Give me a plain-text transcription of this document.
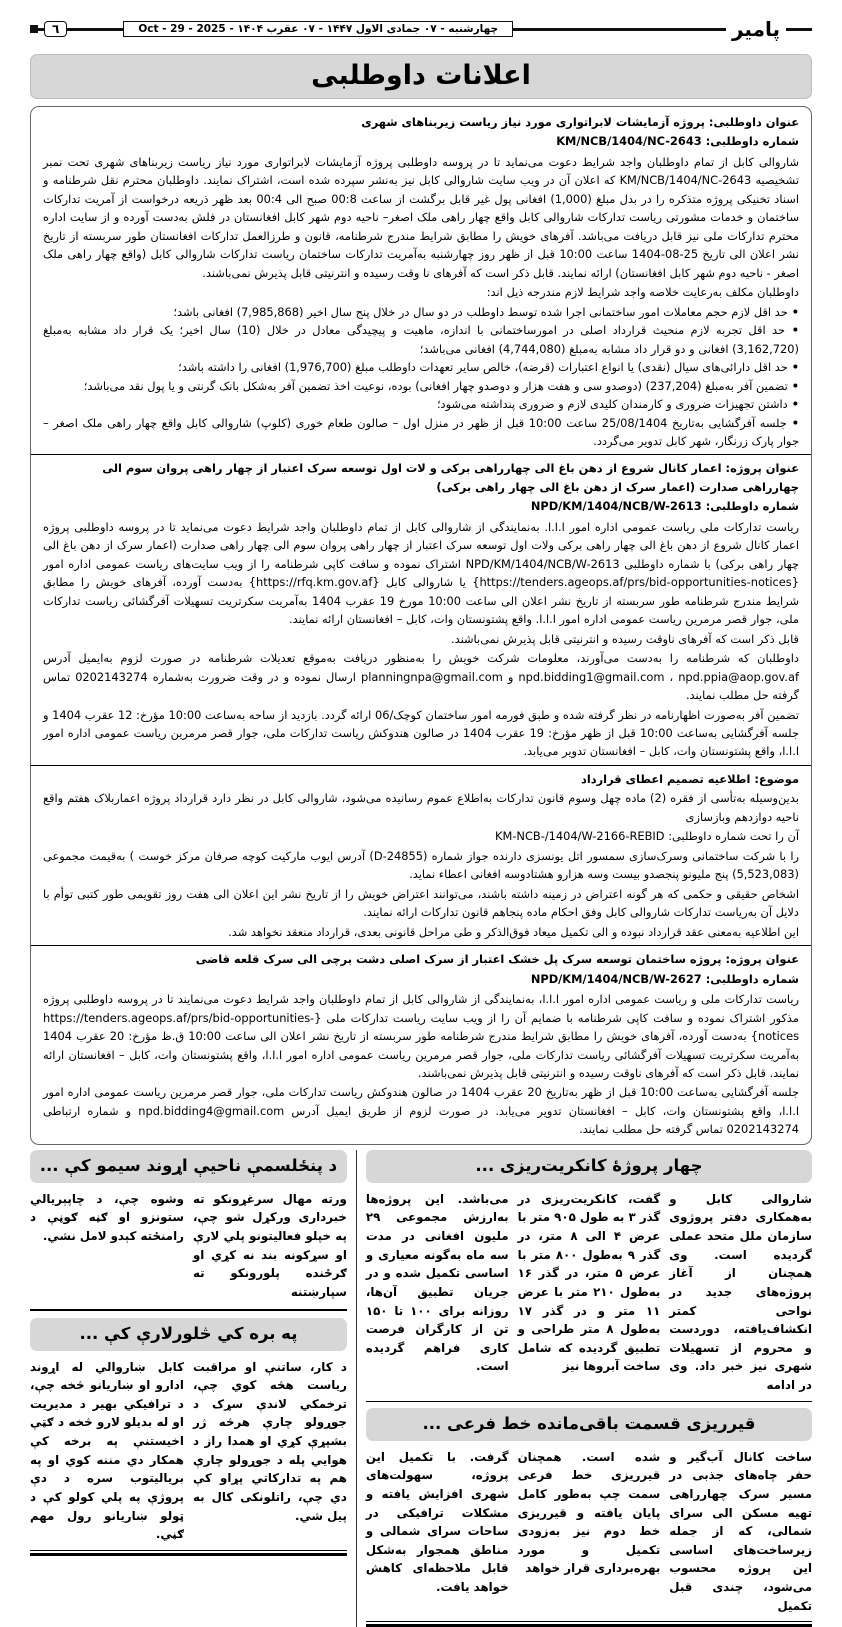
پامیر
چهارشنبه - ۰۷ جمادی الاول ۱۴۴۷ - ۰۷ عقرب ۱۴۰۴ - Oct - 29 - 2025
٦
اعلانات داوطلبی
عنوان داوطلبی: پروژه آزمایشات لابراتواری مورد نیاز ریاست زیربناهای شهری
شماره داوطلبی: KM/NCB/1404/NC-2643

شاروالی کابل از تمام داوطلبان واجد شرایط دعوت می‌نماید تا در پروسه داوطلبی پروژه آزمایشات لابراتواری مورد نیاز ریاست زیربناهای شهری تحت نمبر تشخیصیه KM/NCB/1404/NC-2643 که اعلان آن در ویب سایت شاروالی کابل نیز به‌نشر سپرده شده است، اشتراک نمایند. داوطلبان محترم نقل شرطنامه و اسناد تخنیکی پروژه متذکره را در بدل مبلغ (1,000) افغانی پول غیر قابل برگشت از ساعت 00:8 صبح الی 00:4 بعد ظهر ذریعه درخواست از آمریت تدارکات ساختمان و خدمات مشورتی ریاست تدارکات شاروالی کابل واقع چهار راهی ملک اصغر– ناحیه دوم شهر کابل افغانستان در فلش به‌دست آورده و از سایت اداره محترم تدارکات ملی نیز قابل دریافت می‌باشد. آفرهای خویش را مطابق شرایط مندرج شرطنامه، قانون و طرزالعمل تدارکات افغانستان طور سربسته از تاریخ نشر اعلان الی تاریخ 25-08-1404 ساعت 10:00 قبل از ظهر روز چهارشنبه به‌آمریت تدارکات ساختمان ریاست تدارکات شاروالی کابل (واقع چهار راهی ملک اصغر - ناحیه دوم شهر کابل افغانستان) ارائه نمایند. قابل ذکر است که آفرهای نا وقت رسیده و انترنیتی قابل پذیرش نمی‌باشند.

داوطلبان مکلف به‌رعایت خلاصه واجد شرایط لازم مندرجه ذیل اند:

• حد اقل لازم حجم معاملات امور ساختمانی اجرا شده توسط داوطلب در دو سال در خلال پنج سال اخیر (7,985,868) افغانی باشد؛
• حد اقل تجربه لازم منحیث قرارداد اصلی در امورساختمانی با اندازه، ماهیت و پیچیدگی معادل در خلال (10) سال اخیر؛ یک قرار داد مشابه به‌مبلغ (3,162,720) افغانی و دو قرار داد مشابه به‌مبلغ (4,744,080) افغانی می‌باشد؛
• حد اقل دارائی‌های سیال (نقدی) یا انواع اعتبارات (قرضه)، خالص سایر تعهدات داوطلب مبلغ (1,976,700) افغانی را داشته باشد؛
• تضمین آفر به‌مبلغ (237,204) (دوصدو سی و هفت هزار و دوصدو چهار افغانی) بوده، نوعیت اخذ تضمین آفر به‌شکل بانک گرنتی و یا پول نقد می‌باشد؛
• داشتن تجهیزات ضروری و کارمندان کلیدی لازم و ضروری پنداشته می‌شود؛
• جلسه آفرگشایی به‌تاریخ 25/08/1404 ساعت 10:00 قبل از ظهر در منزل اول – صالون طعام خوری (کلوپ) شاروالی کابل واقع چهار راهی ملک اصغر – جوار پارک زرنگار، شهر کابل تدویر می‌گردد.
عنوان پروژه: اعمار کانال شروع از دهن باغ الی چهارراهی برکی و لات اول توسعه سرک اعتبار از چهار راهی پروان سوم الی چهارراهی صدارت (اعمار سرک از دهن باغ الی چهار راهی برکی)
شماره داوطلبی: NPD/KM/1404/NCB/W-2613

ریاست تدارکات ملی ریاست عمومی اداره امور ا.ا.ا. به‌نمایندگی از شاروالی کابل از تمام داوطلبان واجد شرایط دعوت می‌نماید تا در پروسه داوطلبی پروژه اعمار کانال شروع از دهن باغ الی چهار راهی برکی ولات اول توسعه سرک اعتبار از چهار راهی پروان سوم الی چهار راهی صدارت (اعمار سرک از دهن باغ الی چهار راهی برکی) با شماره داوطلبی NPD/KM/1404/NCB/W-2613 اشتراک نموده و سافت کاپی شرطنامه را از ویب سایت‌های ریاست عمومی اداره امور {https://tenders.ageops.af/prs/bid-opportunities-notices} یا شاروالی کابل {https://rfq.km.gov.af} به‌دست آورده، آفرهای خویش را مطابق شرایط مندرج شرطنامه طور سربسته از تاریخ نشر اعلان الی ساعت 10:00 مورخ 19 عقرب 1404 به‌آمریت سکرتریت تسهیلات آفرگشائی ریاست تدارکات ملی، جوار قصر مرمرین ریاست عمومی اداره امور ا.ا.ا. واقع پشتونستان وات، کابل – افغانستان ارائه نمایند.

قابل ذکر است که آفرهای ناوقت رسیده و انترنیتی قابل پذیرش نمی‌باشند.

داوطلبان که شرطنامه را به‌دست می‌آورند، معلومات شرکت خویش را به‌منظور دریافت به‌موقع تعدیلات شرطنامه در صورت لزوم به‌ایمیل آدرس npd.bidding1@gmail.com ، npd.ppia@aop.gov.af و planningnpa@gmail.com ارسال نموده و در وقت ضرورت به‌شماره 0202143274 تماس گرفته حل مطلب نمایند.

تضمین آفر به‌صورت اظهارنامه در نظر گرفته شده و طبق فورمه امور ساختمان کوچک/06 ارائه گردد. بازدید از ساحه به‌ساعت 10:00 مؤرخ: 12 عقرب 1404 و جلسه آفرگشایی به‌ساعت 10:00 قبل از ظهر مؤرخ: 19 عقرب 1404 در صالون هندوکش ریاست تدارکات ملی، جوار قصر مرمرین ریاست عمومی اداره امور ا.ا.ا، واقع پشتونستان وات، کابل – افغانستان تدویر می‌یابد.

موضوع: اطلاعیه تصمیم اعطای قرارداد

بدین‌وسیله به‌تأسی از فقره (2) ماده چهل وسوم قانون تدارکات به‌اطلاع عموم رسانیده می‌شود، شاروالی کابل در نظر دارد قرارداد پروژه اعماربلاک هفتم واقع ناحیه دوازدهم وبازسازی

آن را تحت شماره داوطلبی: KM-NCB-/1404/W-2166-REBID

را با شرکت ساختمانی وسرک‌سازی سمسور اتل یونسزی دارنده جواز شماره (D-24855) آدرس ایوب مارکیت کوچه صرفان مرکز خوست ) به‌قیمت مجموعی (5,523,083) پنج ملیونو پنجصدو بیست وسه هزارو هشتادوسه افغانی اعطاء نماید.

اشخاص حقیقی و حکمی که هر گونه اعتراض در زمینه داشته باشند، می‌توانند اعتراض خویش را از تاریخ نشر این اعلان الی هفت روز تقویمی طور کتبی توأم با دلایل آن به‌ریاست تدارکات شاروالی کابل وفق احکام ماده پنجاهم قانون تدارکات ارائه نمایند.

این اطلاعیه به‌معنی عقد قرارداد نبوده و الی تکمیل میعاد فوق‌الذکر و طی مراحل قانونی بعدی، قرارداد منعقد نخواهد شد.

عنوان پروژه: پروژه ساختمان توسعه سرک پل خشک اعتبار از سرک اصلی دشت برچی الی سرک قلعه قاضی
شماره داوطلبی: NPD/KM/1404/NCB/W-2627

ریاست تدارکات ملی و ریاست عمومی اداره امور ا.ا.ا، به‌نمایندگی از شاروالی کابل از تمام داوطلبان واجد شرایط دعوت می‌نمایند تا در پروسه داوطلبی پروژه مذکور اشتراک نموده و سافت کاپی شرطنامه با ضمایم آن را از ویب سایت ریاست تدارکات ملی {https://tenders.ageops.af/prs/bid-opportunities-notices} به‌دست آورده، آفرهای خویش را مطابق شرایط مندرج شرطنامه طور سربسته از تاریخ نشر اعلان الی ساعت 10:00 ق.ظ مؤرخ: 20 عقرب 1404 به‌آمریت سکرتریت تسهیلات آفرگشائی ریاست تدارکات ملی، جوار قصر مرمرین ریاست عمومی اداره امور ا.ا.ا، واقع پشتونستان وات، کابل – افغانستان ارائه نمایند. قابل ذکر است که آفرهای ناوقت رسیده و انترنیتی قابل پذیرش نمی‌باشند.

جلسه آفرگشایی به‌ساعت 10:00 قبل از ظهر به‌تاریخ 20 عقرب 1404 در صالون هندوکش ریاست تدارکات ملی، جوار قصر مرمرین ریاست عمومی اداره امور ا.ا.ا، واقع پشتونستان وات، کابل – افغانستان تدویر می‌یابد. در صورت لزوم از طریق ایمیل آدرس npd.bidding4@gmail.com و شماره ارتباطی 0202143274 تماس گرفته حل مطلب نمایند.

چهار پروژهٔ کانکریت‌ریزی ...
شاروالی کابل و به‌همکاری دفتر پروژوی سازمان ملل متحد عملی گردیده است. وی همچنان از آغاز پروژه‌های جدید در نواحی کمتر انکشاف‌یافته، دوردست و محروم از تسهیلات شهری نیز خبر داد. وی در ادامه
گفت، کانکریت‌ریزی در گذر ۳ به طول ۹۰۵ متر با عرض ۴ الی ۸ متر، در گذر ۹ به‌طول ۸۰۰ متر با عرض ۵ متر، در گذر ۱۶ به‌طول ۲۱۰ متر با عرض ۱۱ متر و در گذر ۱۷ به‌طول ۸ متر طراحی و تطبیق گردیده که شامل ساخت آبروها نیز
می‌باشد. این پروژه‌ها به‌ارزش مجموعی ۲۹ ملیون افغانی در مدت سه ماه به‌گونه معیاری و اساسی تکمیل شده و در جریان تطبیق آن‌ها، روزانه برای ۱۰۰ تا ۱۵۰ تن از کارگران فرصت کاری فراهم گردیده است.
قیرریزی قسمت باقی‌مانده خط فرعی ...
ساخت کانال آب‌گیر و حفر چاه‌های جذبی در مسیر سرک چهارراهی تهیه مسکن الی سرای شمالی، که از جمله زیرساخت‌های اساسی این پروژه محسوب می‌شود، چندی قبل تکمیل
شده است. همچنان قیرریزی خط فرعی سمت چپ به‌طور کامل پایان یافته و قیرریزی خط دوم نیز به‌زودی تکمیل و مورد بهره‌برداری قرار خواهد
گرفت. با تکمیل این پروژه، سهولت‌های شهری افزایش یافته و مشکلات ترافیکی در ساحات سرای شمالی و مناطق همجوار به‌شکل قابل ملاحظه‌ای کاهش خواهد یافت.
د پنځلسمې ناحیې اړوند سیمو کې ...
ورته مهال سرغړونکو ته خبرداری ورکړل شو چې، په خپلو فعالیتونو پلي لارې او سړکونه بند نه کړي او ګرځنده پلورونکو ته سپارښتنه
وشوه چې، د چاپېریالي ستونزو او ګڼه ګوڼې د رامنځته کېدو لامل نشي.
په بره کي څلورلارې کې ...
د کار، ساتنې او مراقبت ریاست هڅه کوي چې، ترخمکي لاندې سړک د جوړولو چارې هرڅه ژر بشپړې کړي او همدا راز د هوایي پله د جوړولو چارې هم په تدارکاتي پړاو کې دي چې، راتلونکی کال به پیل شي.
کابل ښاروالي له اړوند ادارو او ښاریانو څخه چې، د ترافیکي بهیر د مدیریت او له بدیلو لارو څخه د ګټې اخیستنې په برخه کې همکار دي مننه کوي او په بریالیتوب سره د دې پروژې په پلي کولو کې د ټولو ښاریانو رول مهم ګڼي.
